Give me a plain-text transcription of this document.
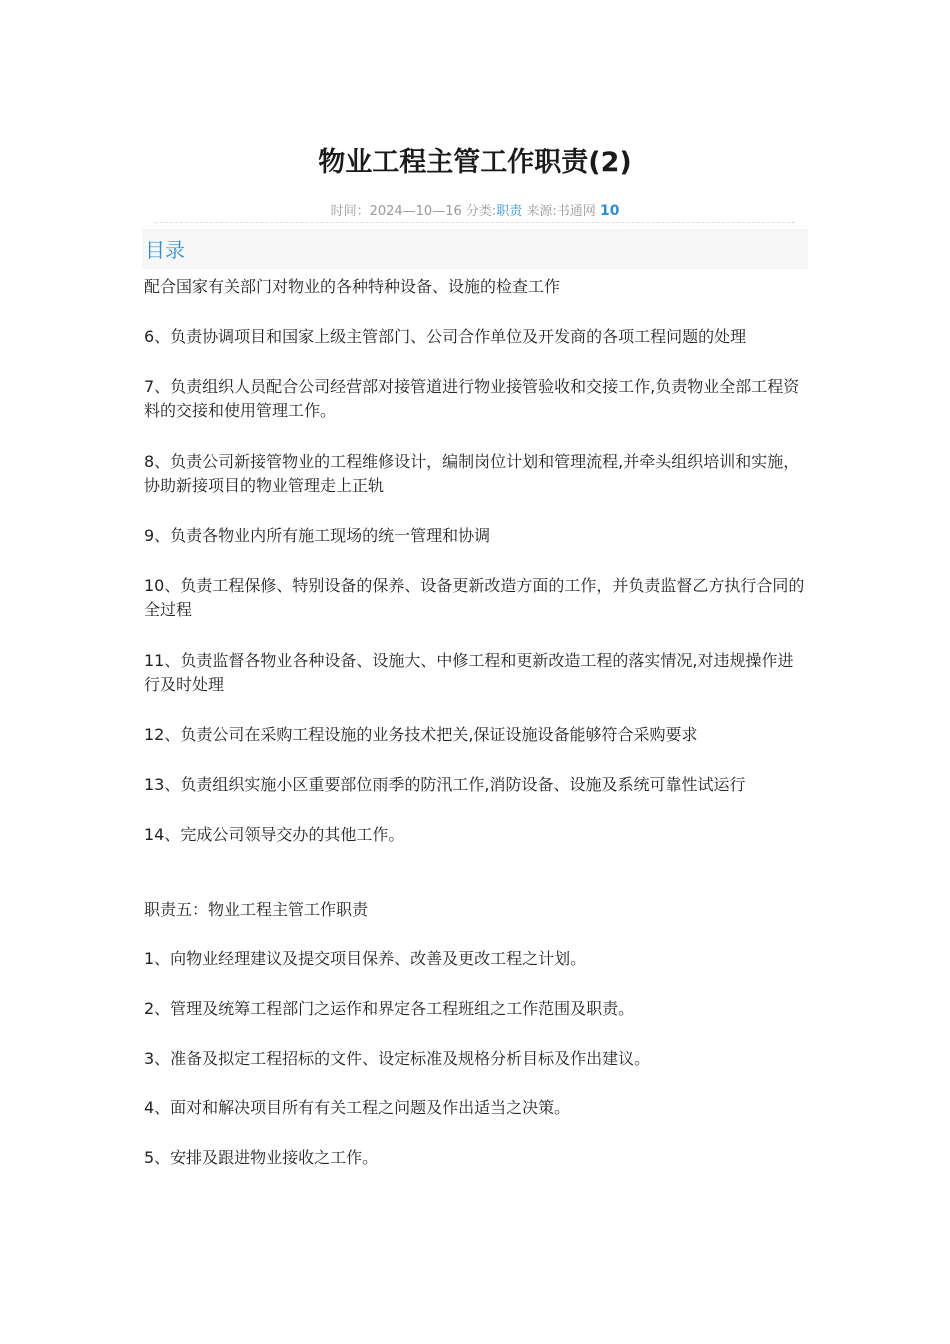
物业工程主管工作职责(2)
时间：2024—10—16 分类:职责 来源:书通网 10
目录

配合国家有关部门对物业的各种特种设备、设施的检查工作

6、负责协调项目和国家上级主管部门、公司合作单位及开发商的各项工程问题的处理

7、负责组织人员配合公司经营部对接管道进行物业接管验收和交接工作,负责物业全部工程资料的交接和使用管理工作。

8、负责公司新接管物业的工程维修设计，编制岗位计划和管理流程,并牵头组织培训和实施，协助新接项目的物业管理走上正轨

9、负责各物业内所有施工现场的统一管理和协调

10、负责工程保修、特别设备的保养、设备更新改造方面的工作，并负责监督乙方执行合同的全过程

11、负责监督各物业各种设备、设施大、中修工程和更新改造工程的落实情况,对违规操作进行及时处理

12、负责公司在采购工程设施的业务技术把关,保证设施设备能够符合采购要求

13、负责组织实施小区重要部位雨季的防汛工作,消防设备、设施及系统可靠性试运行

14、完成公司领导交办的其他工作。

职责五：物业工程主管工作职责

1、向物业经理建议及提交项目保养、改善及更改工程之计划。

2、管理及统筹工程部门之运作和界定各工程班组之工作范围及职责。

3、准备及拟定工程招标的文件、设定标准及规格分析目标及作出建议。

4、面对和解决项目所有有关工程之问题及作出适当之决策。

5、安排及跟进物业接收之工作。
